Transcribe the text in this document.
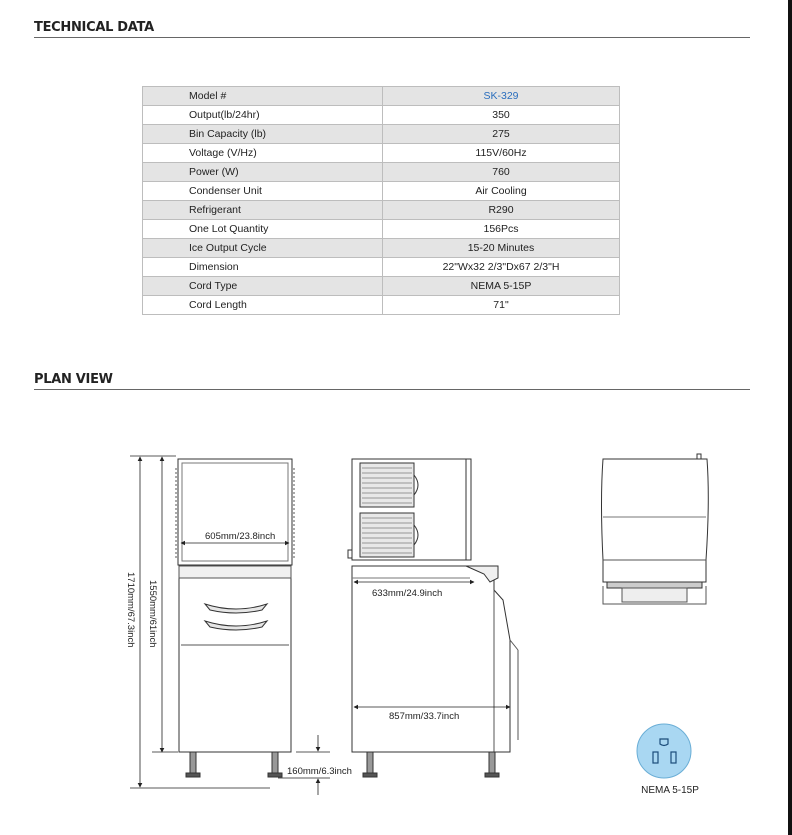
TECHNICAL DATA
Model #	SK-329
Output(lb/24hr)	350
Bin Capacity (lb)	275
Voltage (V/Hz)	115V/60Hz
Power (W)	760
Condenser Unit	Air Cooling
Refrigerant	R290
One Lot Quantity	156Pcs
Ice Output Cycle	15-20 Minutes
Dimension	22"Wx32 2/3"Dx67 2/3"H
Cord Type	NEMA 5-15P
Cord Length	71"
PLAN VIEW
605mm/23.8inch
1710mm/67.3inch 1550mm/61inch
160mm/6.3inch
633mm/24.9inch
857mm/33.7inch
NEMA 5-15P
